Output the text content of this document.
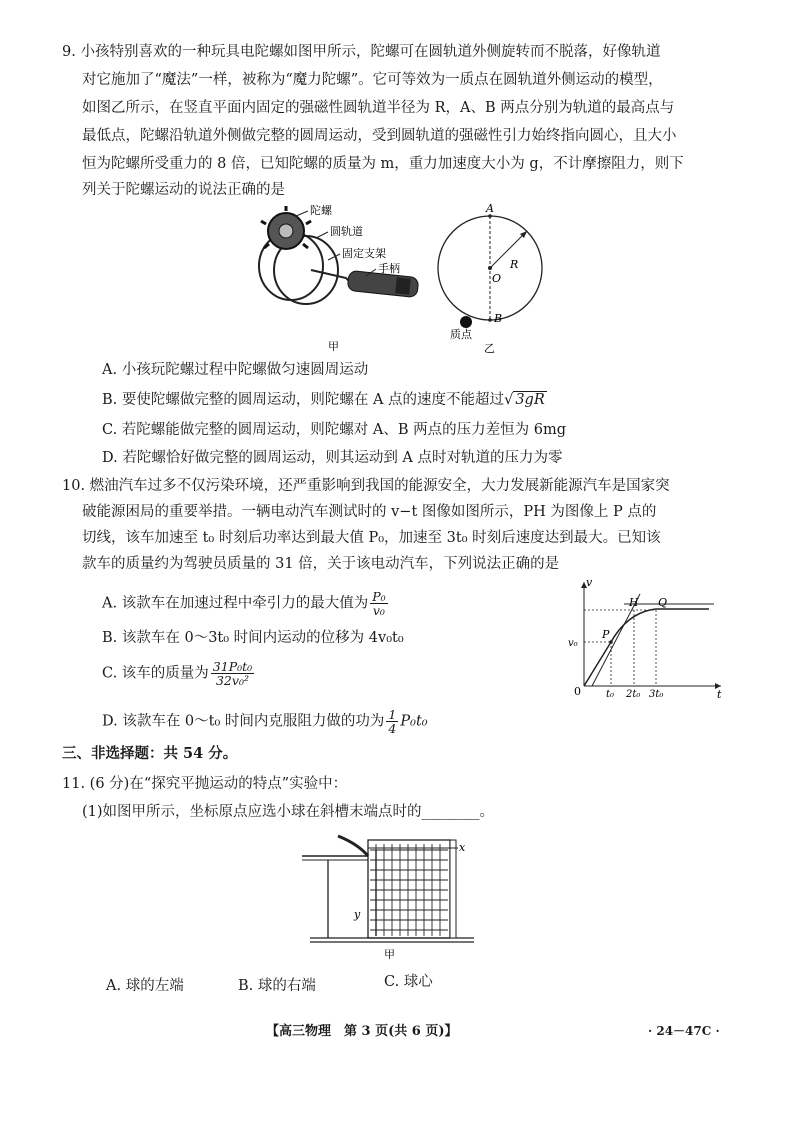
9. 小孩特别喜欢的一种玩具电陀螺如图甲所示，陀螺可在圆轨道外侧旋转而不脱落，好像轨道
对它施加了“魔法”一样，被称为“魔力陀螺”。它可等效为一质点在圆轨道外侧运动的模型，
如图乙所示，在竖直平面内固定的强磁性圆轨道半径为 R，A、B 两点分别为轨道的最高点与
最低点，陀螺沿轨道外侧做完整的圆周运动，受到圆轨道的强磁性引力始终指向圆心，且大小
恒为陀螺所受重力的 8 倍，已知陀螺的质量为 m，重力加速度大小为 g，不计摩擦阻力，则下
列关于陀螺运动的说法正确的是
陀螺
圆轨道
固定支架
手柄
甲
A
B
O
R
质点
乙
A. 小孩玩陀螺过程中陀螺做匀速圆周运动
B. 要使陀螺做完整的圆周运动，则陀螺在 A 点的速度不能超过√ 3gR
C. 若陀螺能做完整的圆周运动，则陀螺对 A、B 两点的压力差恒为 6mg
D. 若陀螺恰好做完整的圆周运动，则其运动到 A 点时对轨道的压力为零
10. 燃油汽车过多不仅污染环境，还严重影响到我国的能源安全，大力发展新能源汽车是国家突
破能源困局的重要举措。一辆电动汽车测试时的 v−t 图像如图所示，PH 为图像上 P 点的
切线，该车加速至 t₀ 时刻后功率达到最大值 P₀，加速至 3t₀ 时刻后速度达到最大。已知该
款车的质量约为驾驶员质量的 31 倍，关于该电动汽车，下列说法正确的是
A. 该款车在加速过程中牵引力的最大值为 $\frac{\text{P₀}}{\text{v₀}}$
B. 该款车在 0～3t₀ 时间内运动的位移为 4v₀t₀
C. 该车的质量为 $\frac{\text{31P₀t₀}}{\text{32v₀²}}$
D. 该款车在 0～t₀ 时间内克服阻力做的功为 $\frac{1}{4} P_0t_0$
v
t
0
v₀
P
H Q
t₀ 2t₀ 3t₀
三、非选择题：共 54 分。
11. (6 分)在“探究平抛运动的特点”实验中：
(1)如图甲所示，坐标原点应选小球在斜槽末端点时的________。
x
y
甲
A. 球的左端	B. 球的右端	C. 球心
【高三物理　第 3 页(共 6 页)】	· 24－47C ·
